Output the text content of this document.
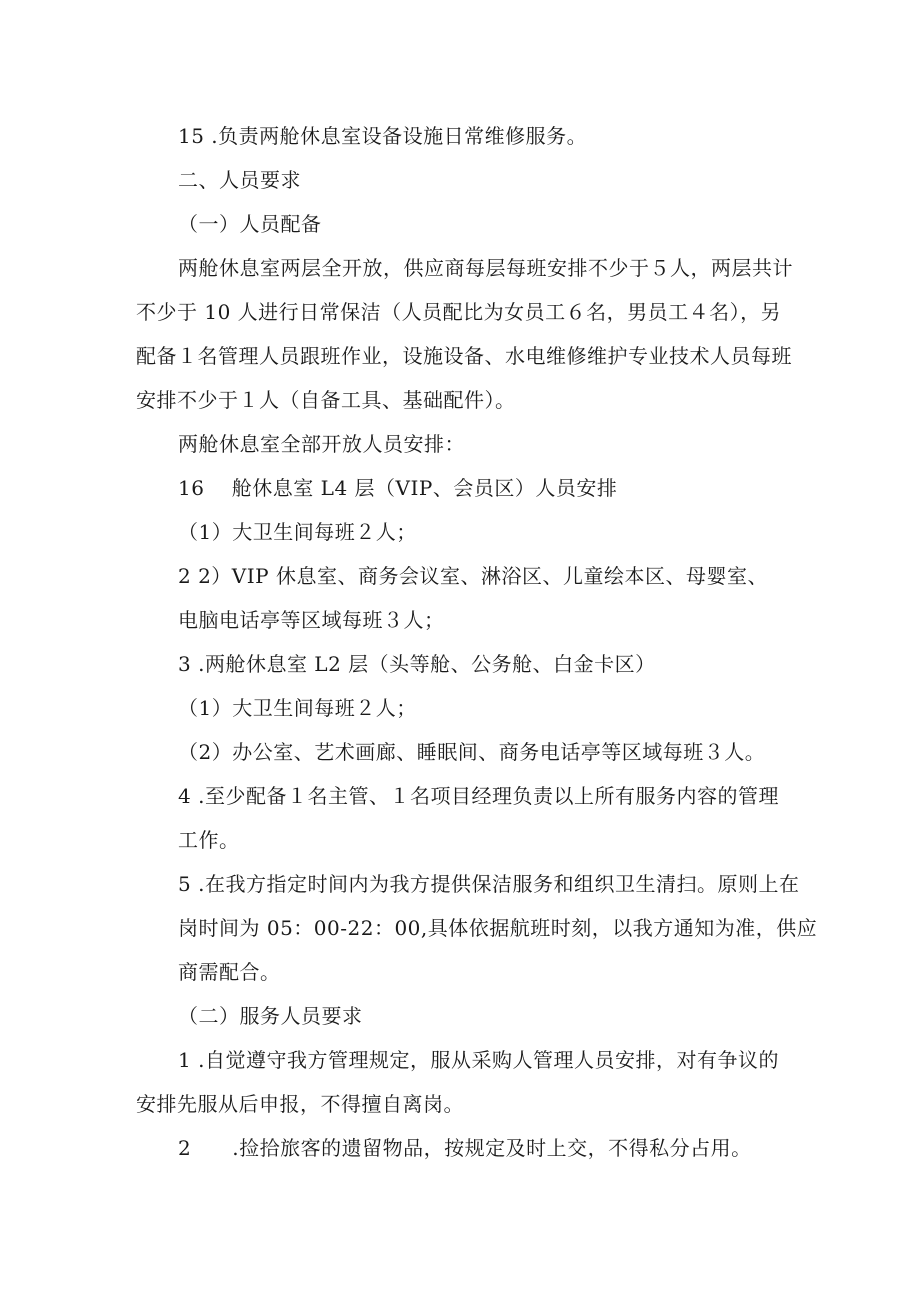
15 .负责两舱休息室设备设施日常维修服务。
二、人员要求
（一）人员配备
两舱休息室两层全开放，供应商每层每班安排不少于５人，两层共计
不少于 10 人进行日常保洁（人员配比为女员工６名，男员工４名），另
配备１名管理人员跟班作业，设施设备、水电维修维护专业技术人员每班
安排不少于１人（自备工具、基础配件）。
两舱休息室全部开放人员安排：
16　 舱休息室 L4 层（VIP、会员区）人员安排
（1）大卫生间每班２人；
2 2）VIP 休息室、商务会议室、淋浴区、儿童绘本区、母婴室、
电脑电话亭等区域每班３人；
3 .两舱休息室 L2 层（头等舱、公务舱、白金卡区）
（1）大卫生间每班２人；
（2）办公室、艺术画廊、睡眠间、商务电话亭等区域每班３人。
4 .至少配备１名主管、１名项目经理负责以上所有服务内容的管理
工作。
5 .在我方指定时间内为我方提供保洁服务和组织卫生清扫。原则上在
岗时间为 05：00-22：00,具体依据航班时刻，以我方通知为准，供应
商需配合。
（二）服务人员要求
1 .自觉遵守我方管理规定，服从采购人管理人员安排，对有争议的
安排先服从后申报，不得擅自离岗。
2　　.捡拾旅客的遗留物品，按规定及时上交，不得私分占用。
